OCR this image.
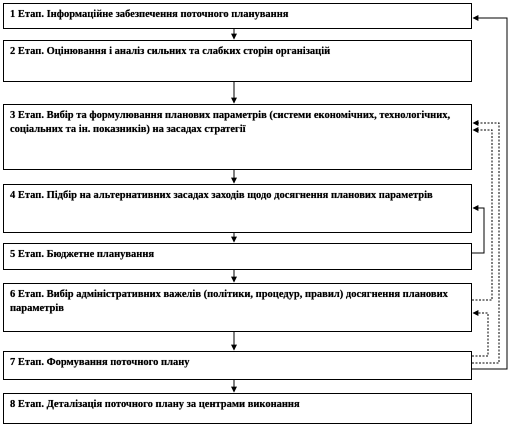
1 Етап. Інформаційне забезпечення поточного планування
2 Етап. Оцінювання і аналіз сильних та слабких сторін організацій
3 Етап. Вибір та формулювання планових параметрів (системи економічних, технологічних, соціальних та ін. показників) на засадах стратегії
4 Етап. Підбір на альтернативних засадах заходів щодо досягнення планових параметрів
5 Етап. Бюджетне планування
6 Етап. Вибір адміністративних важелів (політики, процедур, правил) досягнення планових параметрів
7 Етап. Формування поточного плану
8 Етап. Деталізація поточного плану за центрами виконання
